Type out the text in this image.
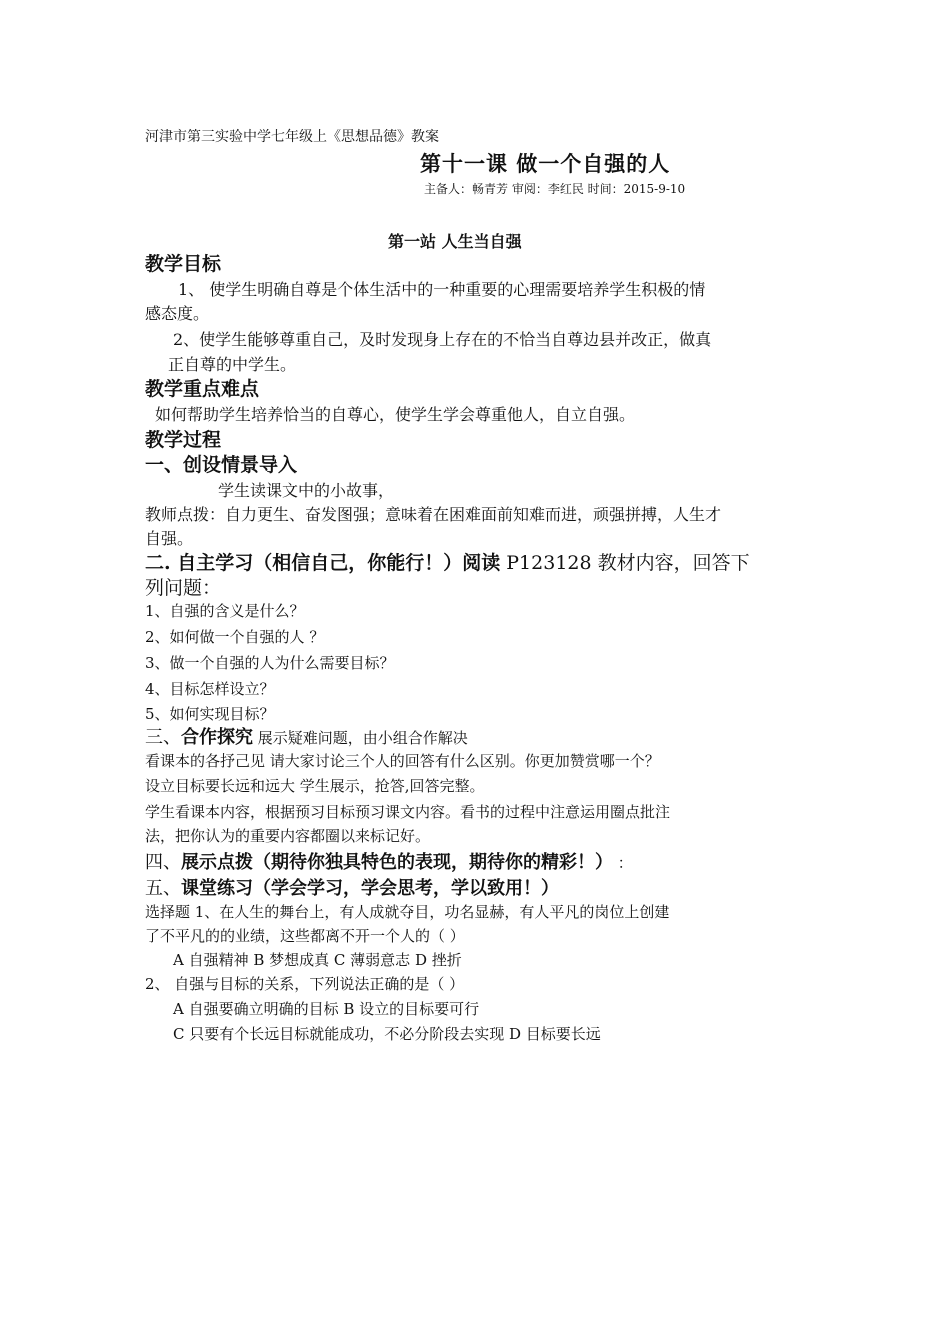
河津市第三实验中学七年级上《思想品德》教案
第十一课 做一个自强的人
主备人：畅青芳 审阅：李红民 时间：2015-9-10
第一站 人生当自强
教学目标
1、 使学生明确自尊是个体生活中的一种重要的心理需要培养学生积极的情
感态度。
2、使学生能够尊重自己，及时发现身上存在的不恰当自尊边县并改正，做真
正自尊的中学生。
教学重点难点
如何帮助学生培养恰当的自尊心，使学生学会尊重他人，自立自强。
教学过程
一、创设情景导入
学生读课文中的小故事，
教师点拨：自力更生、奋发图强；意味着在困难面前知难而进，顽强拼搏，人生才
自强。
二. 自主学习（相信自己，你能行！）阅读 P123128 教材内容，回答下
列问题：
1、自强的含义是什么？
2、如何做一个自强的人 ？
3、做一个自强的人为什么需要目标？
4、目标怎样设立？
5、如何实现目标？
三、合作探究 展示疑难问题，由小组合作解决
看课本的各抒己见 请大家讨论三个人的回答有什么区别。你更加赞赏哪一个？
设立目标要长远和远大 学生展示，抢答,回答完整。
学生看课本内容，根据预习目标预习课文内容。看书的过程中注意运用圈点批注
法，把你认为的重要内容都圈以来标记好。
四、展示点拨（期待你独具特色的表现，期待你的精彩！） ：
五、课堂练习（学会学习，学会思考，学以致用！）
选择题 1、在人生的舞台上，有人成就夺目，功名显赫，有人平凡的岗位上创建
了不平凡的的业绩，这些都离不开一个人的（ ）
A 自强精神 B 梦想成真 C 薄弱意志 D 挫折
2、 自强与目标的关系，下列说法正确的是（ ）
A 自强要确立明确的目标 B 设立的目标要可行
C 只要有个长远目标就能成功，不必分阶段去实现 D 目标要长远
